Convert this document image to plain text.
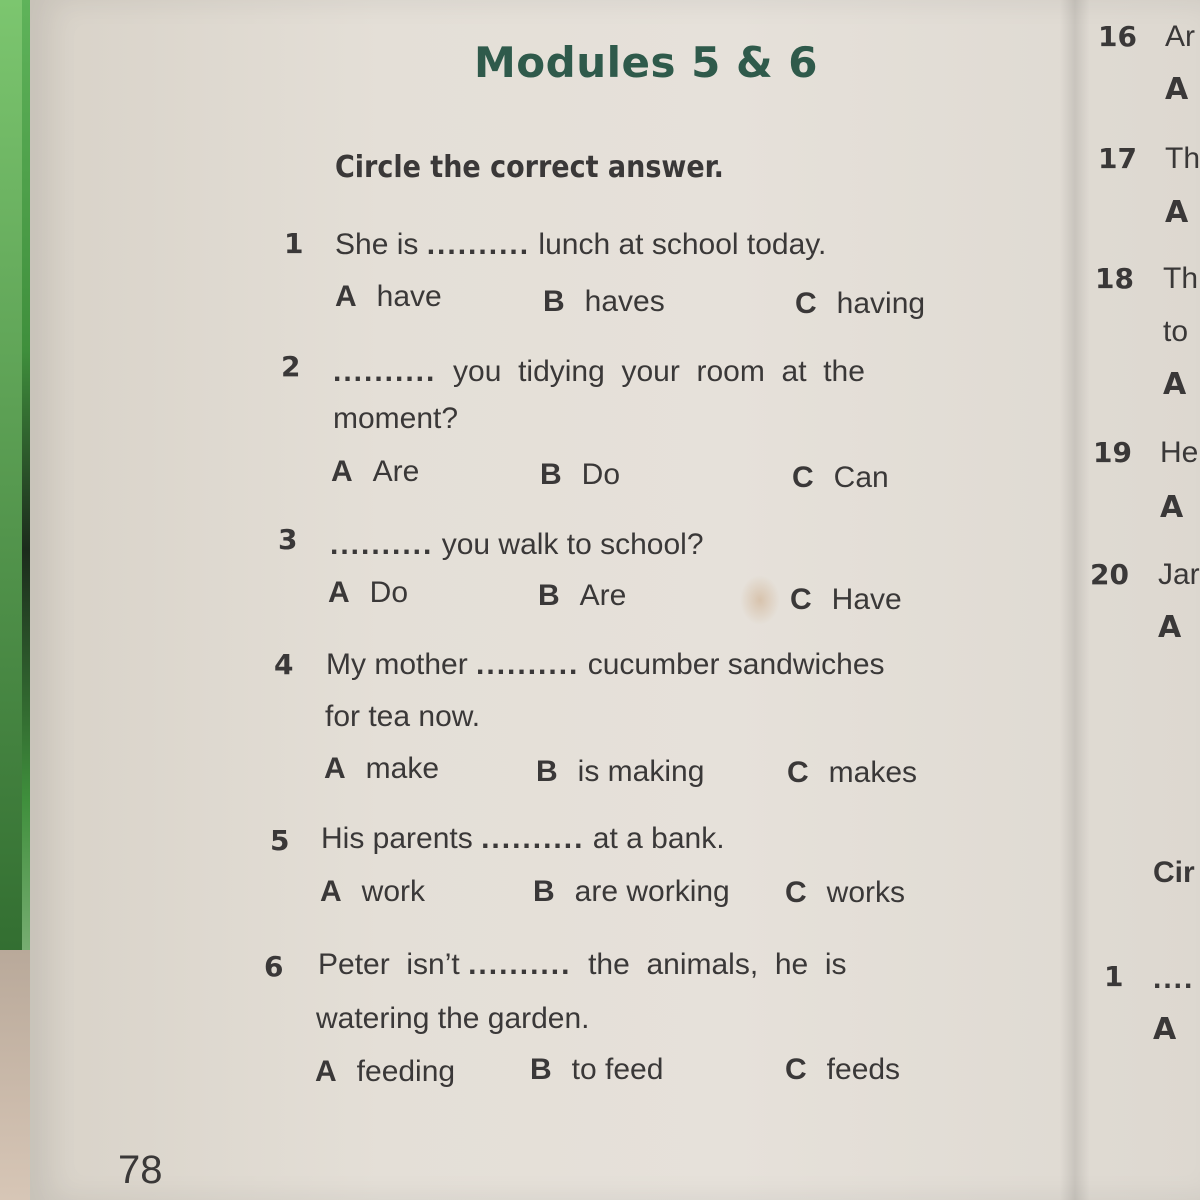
Modules 5 & 6
Circle the correct answer.
1 She is .......... lunch at school today.
A have	B haves	C having
2 ..........  you  tidying  your  room  at  the
moment?
A Are	B Do	C Can
3 .......... you walk to school?
A Do	B Are	C Have
4 My mother .......... cucumber sandwiches
for tea now.
A make	B is making	C makes
5 His parents .......... at a bank.
A work	B are working C works
6 Peter  isn’t ..........  the  animals,  he  is
watering the garden.
A feeding B to feed	C feeds
16 Ar
A
17 Th
A
18 Th
to
A
19 He
A
20 Jar
A
Cir
1 ....
A
78
